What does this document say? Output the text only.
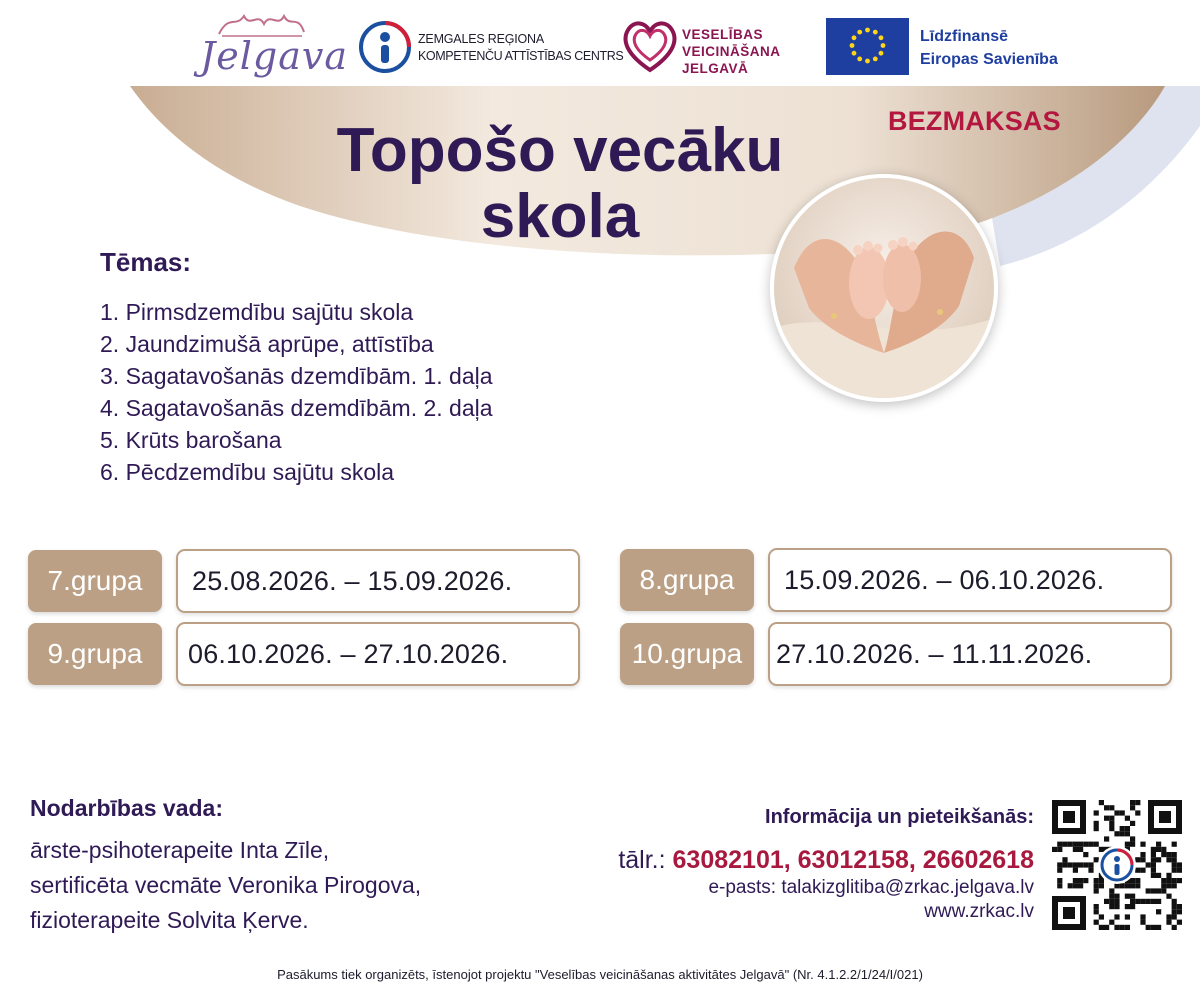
Jelgava	ZEMGALES REĢIONA
KOMPETENČU ATTĪSTĪBAS CENTRS
VESELĪBAS
VEICINĀŠANA
JELGAVĀ
Līdzfinansē
Eiropas Savienība
BEZMAKSAS
Topošo vecāku
skola
Tēmas:
1. Pirmsdzemdību sajūtu skola
2. Jaundzimušā aprūpe, attīstība
3. Sagatavošanās dzemdībām. 1. daļa
4. Sagatavošanās dzemdībām. 2. daļa
5. Krūts barošana
6. Pēcdzemdību sajūtu skola
7.grupa	25.08.2026. – 15.09.2026.	8.grupa	15.09.2026. – 06.10.2026.
9.grupa	06.10.2026. – 27.10.2026.	10.grupa	27.10.2026. – 11.11.2026.
Nodarbības vada:
ārste-psihoterapeite Inta Zīle,
sertificēta vecmāte Veronika Pirogova,
fizioterapeite Solvita Ķerve.
Informācija un pieteikšanās:
tālr.: 63082101, 63012158, 26602618
e-pasts: talakizglitiba@zrkac.jelgava.lv
www.zrkac.lv
Pasākums tiek organizēts, īstenojot projektu "Veselības veicināšanas aktivitātes Jelgavā" (Nr. 4.1.2.2/1/24/I/021)
